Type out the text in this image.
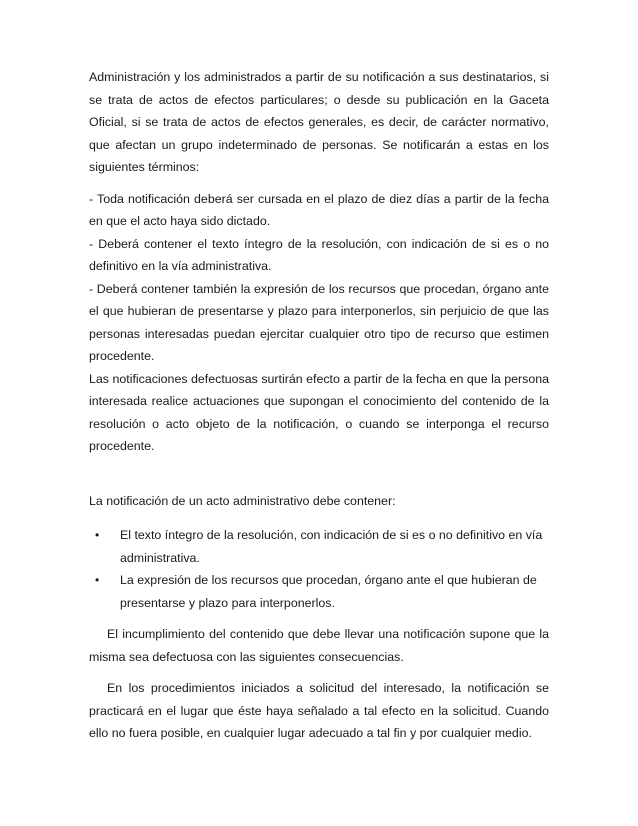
Administración y los administrados a partir de su notificación a sus destinatarios, si se trata de actos de efectos particulares; o desde su publicación en la Gaceta Oficial, si se trata de actos de efectos generales, es decir, de carácter normativo, que afectan un grupo indeterminado de personas. Se notificarán a estas en los siguientes términos:

- Toda notificación deberá ser cursada en el plazo de diez días a partir de la fecha en que el acto haya sido dictado.

- Deberá contener el texto íntegro de la resolución, con indicación de si es o no definitivo en la vía administrativa.

- Deberá contener también la expresión de los recursos que procedan, órgano ante el que hubieran de presentarse y plazo para interponerlos, sin perjuicio de que las personas interesadas puedan ejercitar cualquier otro tipo de recurso que estimen procedente.

Las notificaciones defectuosas surtirán efecto a partir de la fecha en que la persona interesada realice actuaciones que supongan el conocimiento del contenido de la resolución o acto objeto de la notificación, o cuando se interponga el recurso procedente.

La notificación de un acto administrativo debe contener:

• El texto íntegro de la resolución, con indicación de si es o no definitivo en vía administrativa.
• La expresión de los recursos que procedan, órgano ante el que hubieran de presentarse y plazo para interponerlos.

El incumplimiento del contenido que debe llevar una notificación supone que la misma sea defectuosa con las siguientes consecuencias.

En los procedimientos iniciados a solicitud del interesado, la notificación se practicará en el lugar que éste haya señalado a tal efecto en la solicitud. Cuando ello no fuera posible, en cualquier lugar adecuado a tal fin y por cualquier medio.
